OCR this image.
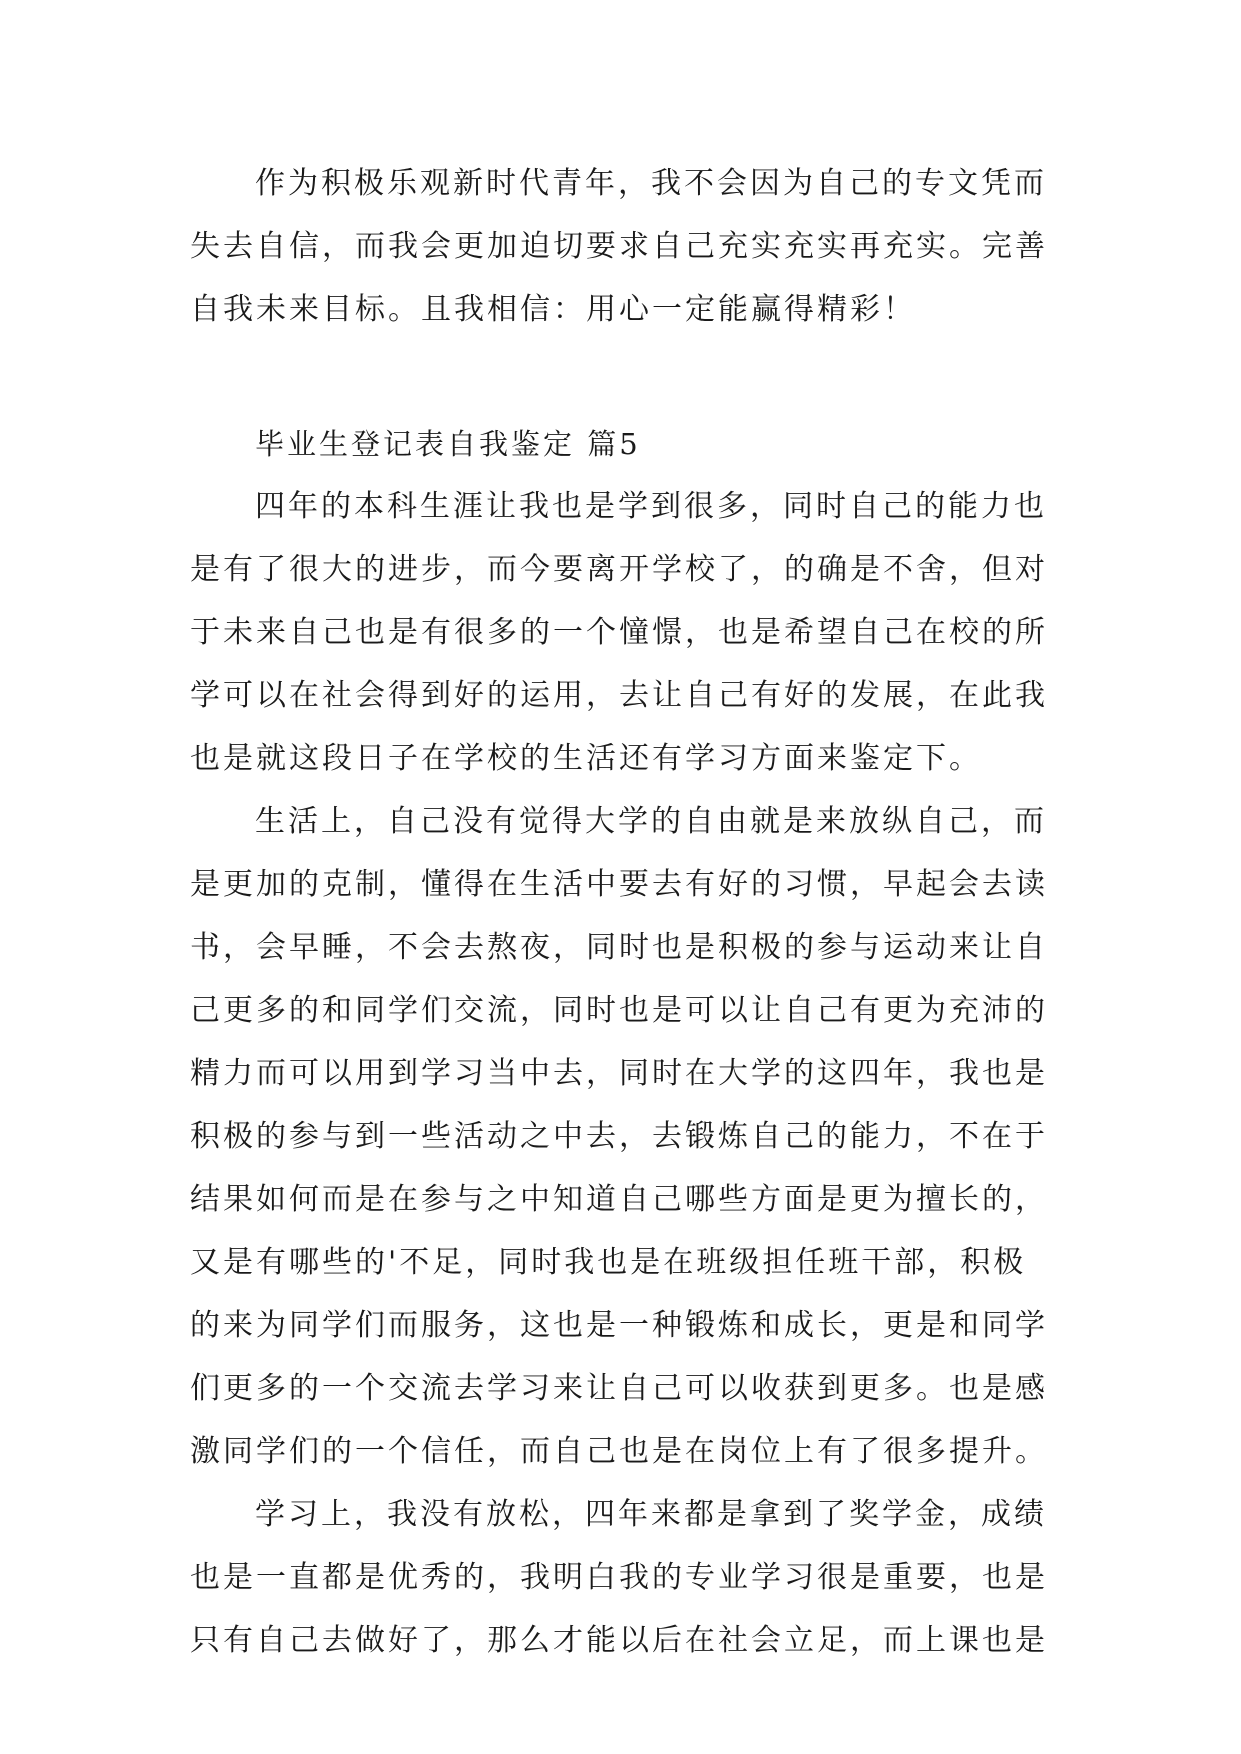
作为积极乐观新时代青年，我不会因为自己的专文凭而
失去自信，而我会更加迫切要求自己充实充实再充实。完善
自我未来目标。且我相信：用心一定能赢得精彩！
毕业生登记表自我鉴定 篇5
四年的本科生涯让我也是学到很多，同时自己的能力也
是有了很大的进步，而今要离开学校了，的确是不舍，但对
于未来自己也是有很多的一个憧憬，也是希望自己在校的所
学可以在社会得到好的运用，去让自己有好的发展，在此我
也是就这段日子在学校的生活还有学习方面来鉴定下。
生活上，自己没有觉得大学的自由就是来放纵自己，而
是更加的克制，懂得在生活中要去有好的习惯，早起会去读
书，会早睡，不会去熬夜，同时也是积极的参与运动来让自
己更多的和同学们交流，同时也是可以让自己有更为充沛的
精力而可以用到学习当中去，同时在大学的这四年，我也是
积极的参与到一些活动之中去，去锻炼自己的能力，不在于
结果如何而是在参与之中知道自己哪些方面是更为擅长的，
又是有哪些的'不足，同时我也是在班级担任班干部，积极
的来为同学们而服务，这也是一种锻炼和成长，更是和同学
们更多的一个交流去学习来让自己可以收获到更多。也是感
激同学们的一个信任，而自己也是在岗位上有了很多提升。
学习上，我没有放松，四年来都是拿到了奖学金，成绩
也是一直都是优秀的，我明白我的专业学习很是重要，也是
只有自己去做好了，那么才能以后在社会立足，而上课也是
